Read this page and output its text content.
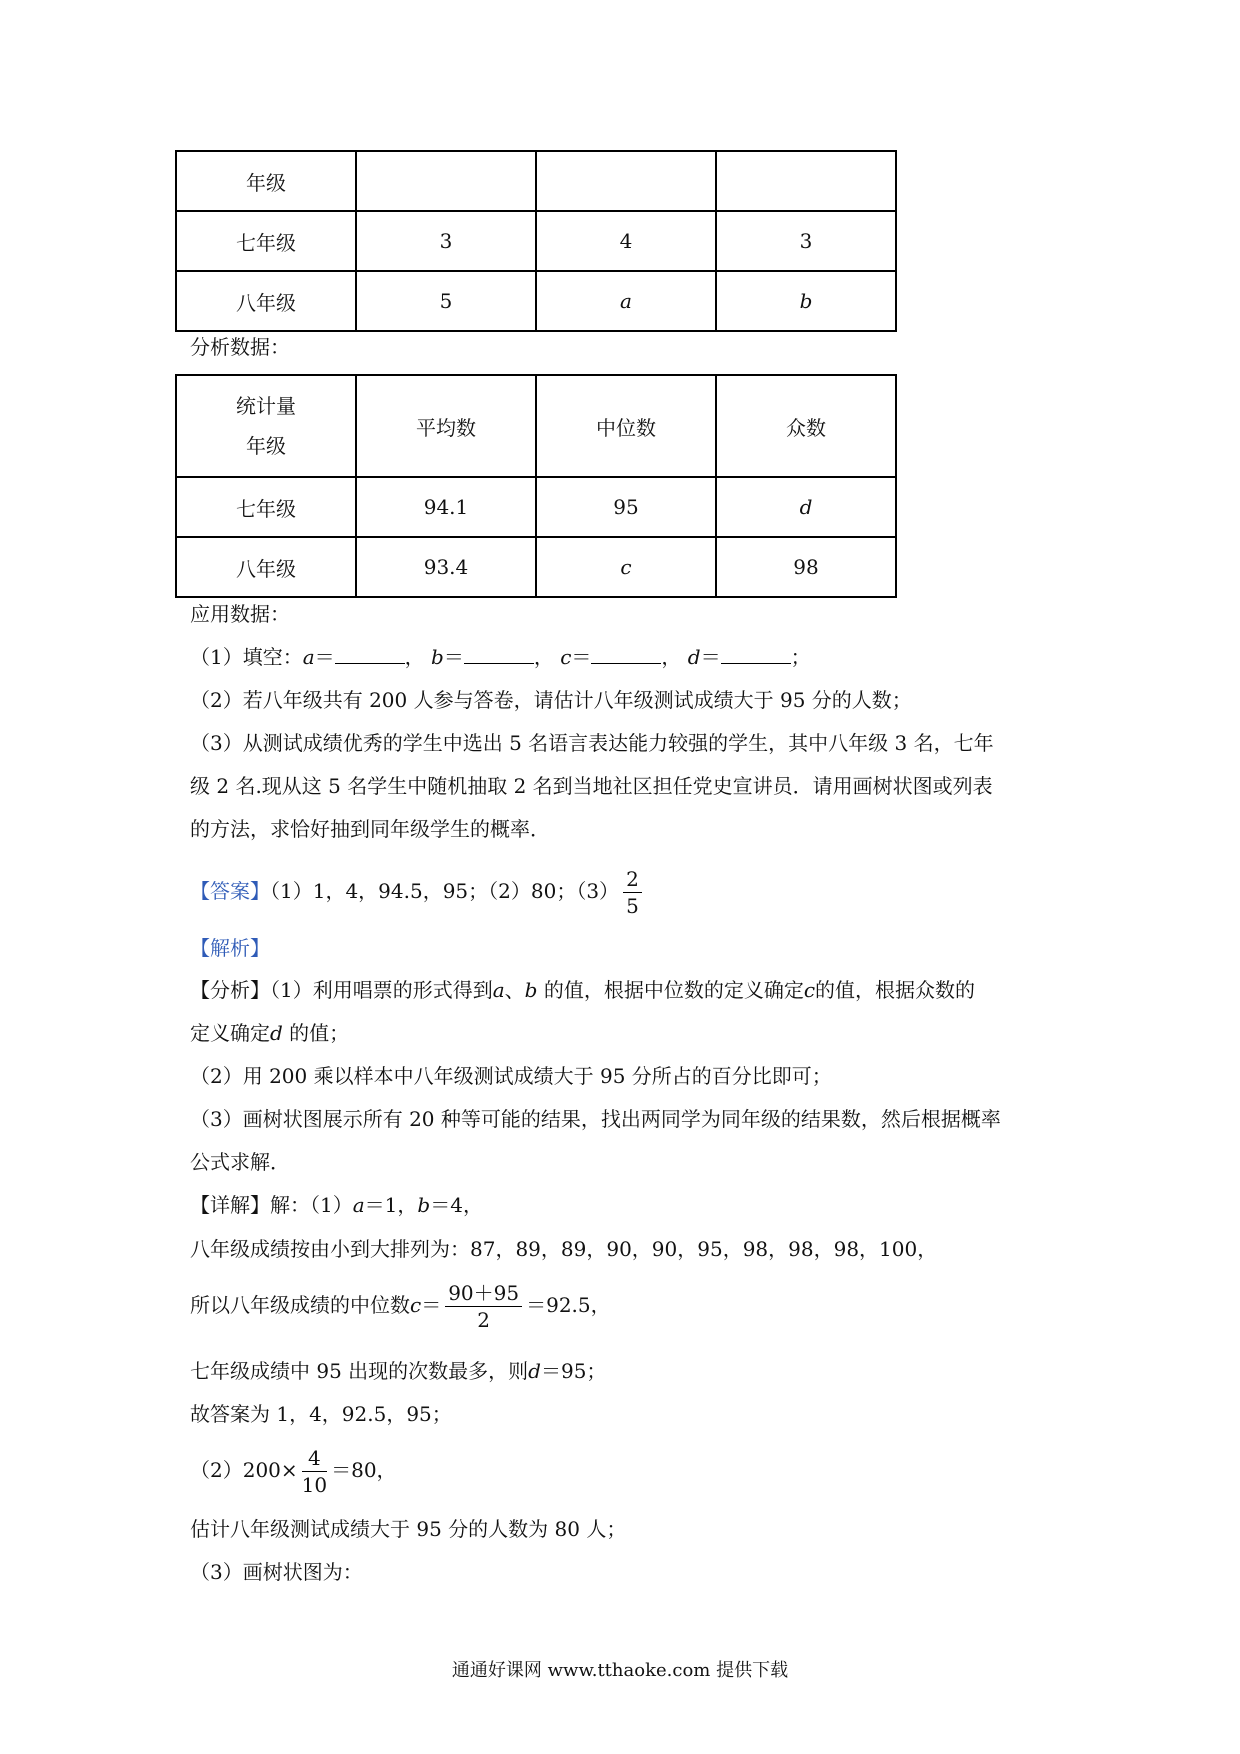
年级			
七年级	3	4	3
八年级	5	a	b
分析数据：
统计量
年级	平均数	中位数	众数
七年级	94.1	95	d
八年级	93.4	c	98
应用数据：
（1）填空：a＝	， b＝	， c＝	， d＝	；
（2）若八年级共有 200 人参与答卷，请估计八年级测试成绩大于 95 分的人数；
（3）从测试成绩优秀的学生中选出 5 名语言表达能力较强的学生，其中八年级 3 名，七年
级 2 名.现从这 5 名学生中随机抽取 2 名到当地社区担任党史宣讲员．请用画树状图或列表
的方法，求恰好抽到同年级学生的概率．
【答案】（1）1，4，94.5，95；（2）80；$(3) \frac{2}{5}$
【解析】
【分析】（1）利用唱票的形式得到a、b 的值，根据中位数的定义确定c的值，根据众数的
定义确定d 的值；
（2）用 200 乘以样本中八年级测试成绩大于 95 分所占的百分比即可；
（3）画树状图展示所有 20 种等可能的结果，找出两同学为同年级的结果数，然后根据概率
公式求解．
【详解】解：（1）a＝1，b＝4，
八年级成绩按由小到大排列为：87，89，89，90，90，95，98，98，98，100，
所以八年级成绩的中位数$c= \frac{90+95}{2} =92.5$，
七年级成绩中 95 出现的次数最多，则d＝95；
故答案为 1，4，92.5，95；
$(2)200\times \frac{4}{10} =80$，
估计八年级测试成绩大于 95 分的人数为 80 人；
（3）画树状图为：
通通好课网 www.tthaoke.com 提供下载
